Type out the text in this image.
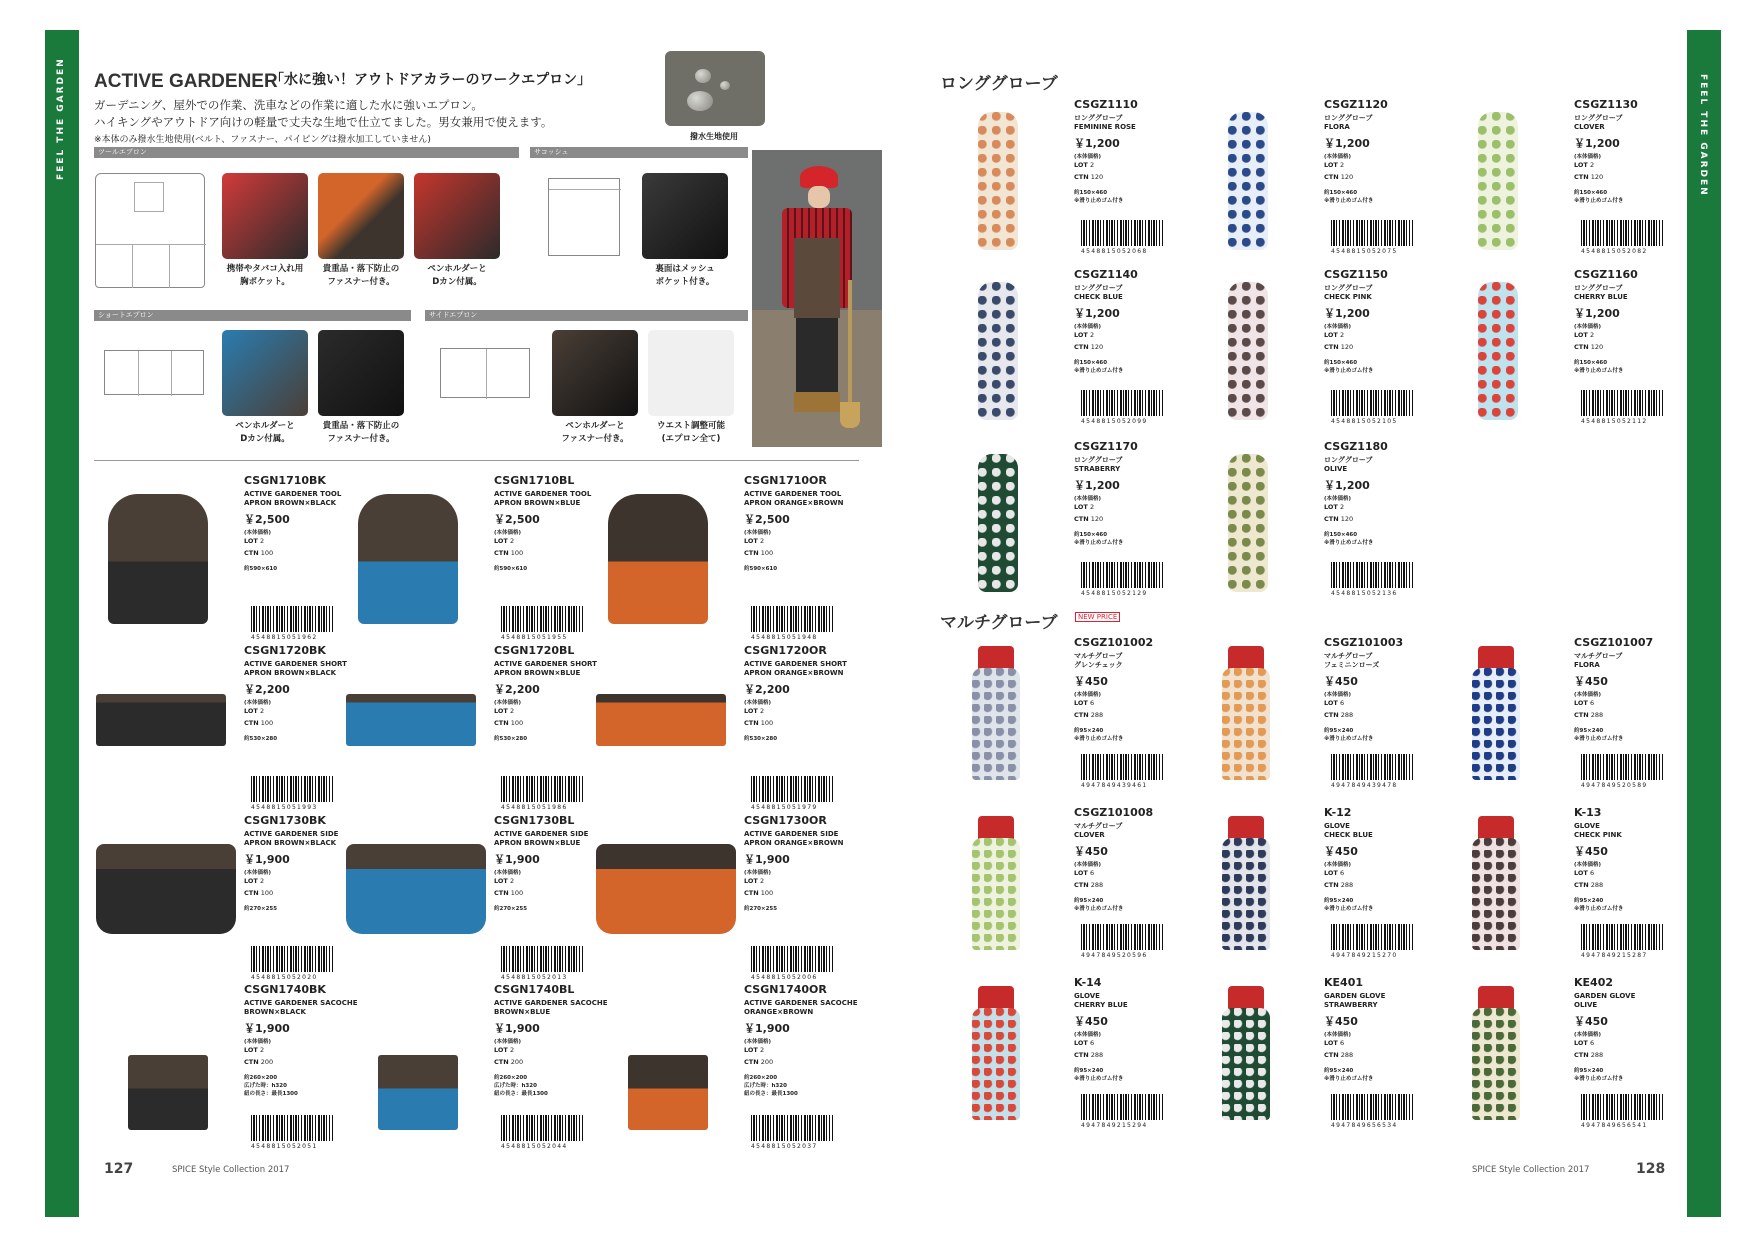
FEEL THE GARDEN	FEEL THE GARDEN
ACTIVE GARDENER
「水に強い！アウトドアカラーのワークエプロン」
ガーデニング、屋外での作業、洗車などの作業に適した水に強いエプロン。
ハイキングやアウトドア向けの軽量で丈夫な生地で仕立てました。男女兼用で使えます。
※本体のみ撥水生地使用(ベルト、ファスナー、パイピングは撥水加工していません)	撥水生地使用
ツールエプロン	サコッシュ
ショートエプロン	サイドエプロン
携帯やタバコ入れ用
胸ポケット。
貴重品・落下防止の
ファスナー付き。
ペンホルダーと
Dカン付属。
裏面はメッシュ
ポケット付き。
ペンホルダーと
Dカン付属。
貴重品・落下防止の
ファスナー付き。
ペンホルダーと
ファスナー付き。
ウエスト調整可能
(エプロン全て)
CSGN1710BK
ACTIVE GARDENER TOOL
APRON BROWN×BLACK
￥2,500
(本体価格)
LOT 2
CTN 100
約590×610
4548815051962
CSGN1710BL
ACTIVE GARDENER TOOL
APRON BROWN×BLUE
￥2,500
(本体価格)
LOT 2
CTN 100
約590×610
4548815051955
CSGN1710OR
ACTIVE GARDENER TOOL
APRON ORANGE×BROWN
￥2,500
(本体価格)
LOT 2
CTN 100
約590×610
4548815051948
CSGN1720BK
ACTIVE GARDENER SHORT
APRON BROWN×BLACK
￥2,200
(本体価格)
LOT 2
CTN 100
約530×280
4548815051993
CSGN1720BL
ACTIVE GARDENER SHORT
APRON BROWN×BLUE
￥2,200
(本体価格)
LOT 2
CTN 100
約530×280
4548815051986
CSGN1720OR
ACTIVE GARDENER SHORT
APRON ORANGE×BROWN
￥2,200
(本体価格)
LOT 2
CTN 100
約530×280
4548815051979
CSGN1730BK
ACTIVE GARDENER SIDE
APRON BROWN×BLACK
￥1,900
(本体価格)
LOT 2
CTN 100
約270×255
4548815052020
CSGN1730BL
ACTIVE GARDENER SIDE
APRON BROWN×BLUE
￥1,900
(本体価格)
LOT 2
CTN 100
約270×255
4548815052013
CSGN1730OR
ACTIVE GARDENER SIDE
APRON ORANGE×BROWN
￥1,900
(本体価格)
LOT 2
CTN 100
約270×255
4548815052006
CSGN1740BK
ACTIVE GARDENER SACOCHE
BROWN×BLACK
￥1,900
(本体価格)
LOT 2
CTN 200
約260×200
広げた時：h320
紐の長さ：最長1300
4548815052051
CSGN1740BL
ACTIVE GARDENER SACOCHE
BROWN×BLUE
￥1,900
(本体価格)
LOT 2
CTN 200
約260×200
広げた時：h320
紐の長さ：最長1300
4548815052044
CSGN1740OR
ACTIVE GARDENER SACOCHE
ORANGE×BROWN
￥1,900
(本体価格)
LOT 2
CTN 200
約260×200
広げた時：h320
紐の長さ：最長1300
4548815052037
ロンググローブ
CSGZ1110
ロンググローブ
FEMININE ROSE
￥1,200
(本体価格)
LOT 2
CTN 120
約150×460
※滑り止めゴム付き
4548815052068
CSGZ1120
ロンググローブ
FLORA
￥1,200
(本体価格)
LOT 2
CTN 120
約150×460
※滑り止めゴム付き
4548815052075
CSGZ1130
ロンググローブ
CLOVER
￥1,200
(本体価格)
LOT 2
CTN 120
約150×460
※滑り止めゴム付き
4548815052082
CSGZ1140
ロンググローブ
CHECK BLUE
￥1,200
(本体価格)
LOT 2
CTN 120
約150×460
※滑り止めゴム付き
4548815052099
CSGZ1150
ロンググローブ
CHECK PINK
￥1,200
(本体価格)
LOT 2
CTN 120
約150×460
※滑り止めゴム付き
4548815052105
CSGZ1160
ロンググローブ
CHERRY BLUE
￥1,200
(本体価格)
LOT 2
CTN 120
約150×460
※滑り止めゴム付き
4548815052112
CSGZ1170
ロンググローブ
STRABERRY
￥1,200
(本体価格)
LOT 2
CTN 120
約150×460
※滑り止めゴム付き
4548815052129
CSGZ1180
ロンググローブ
OLIVE
￥1,200
(本体価格)
LOT 2
CTN 120
約150×460
※滑り止めゴム付き
4548815052136
マルチグローブ	NEW PRICE
CSGZ101002
マルチグローブ
グレンチェック
￥450
(本体価格)
LOT 6
CTN 288
約95×240
※滑り止めゴム付き
4947849439461
CSGZ101003
マルチグローブ
フェミニンローズ
￥450
(本体価格)
LOT 6
CTN 288
約95×240
※滑り止めゴム付き
4947849439478
CSGZ101007
マルチグローブ
FLORA
￥450
(本体価格)
LOT 6
CTN 288
約95×240
※滑り止めゴム付き
4947849520589
CSGZ101008
マルチグローブ
CLOVER
￥450
(本体価格)
LOT 6
CTN 288
約95×240
※滑り止めゴム付き
4947849520596
K-12
GLOVE
CHECK BLUE
￥450
(本体価格)
LOT 6
CTN 288
約95×240
※滑り止めゴム付き
4947849215270
K-13
GLOVE
CHECK PINK
￥450
(本体価格)
LOT 6
CTN 288
約95×240
※滑り止めゴム付き
4947849215287
K-14
GLOVE
CHERRY BLUE
￥450
(本体価格)
LOT 6
CTN 288
約95×240
※滑り止めゴム付き
4947849215294
KE401
GARDEN GLOVE
STRAWBERRY
￥450
(本体価格)
LOT 6
CTN 288
約95×240
※滑り止めゴム付き
4947849656534
KE402
GARDEN GLOVE
OLIVE
￥450
(本体価格)
LOT 6
CTN 288
約95×240
※滑り止めゴム付き
4947849656541
127	SPICE Style Collection 2017	SPICE Style Collection 2017	128
